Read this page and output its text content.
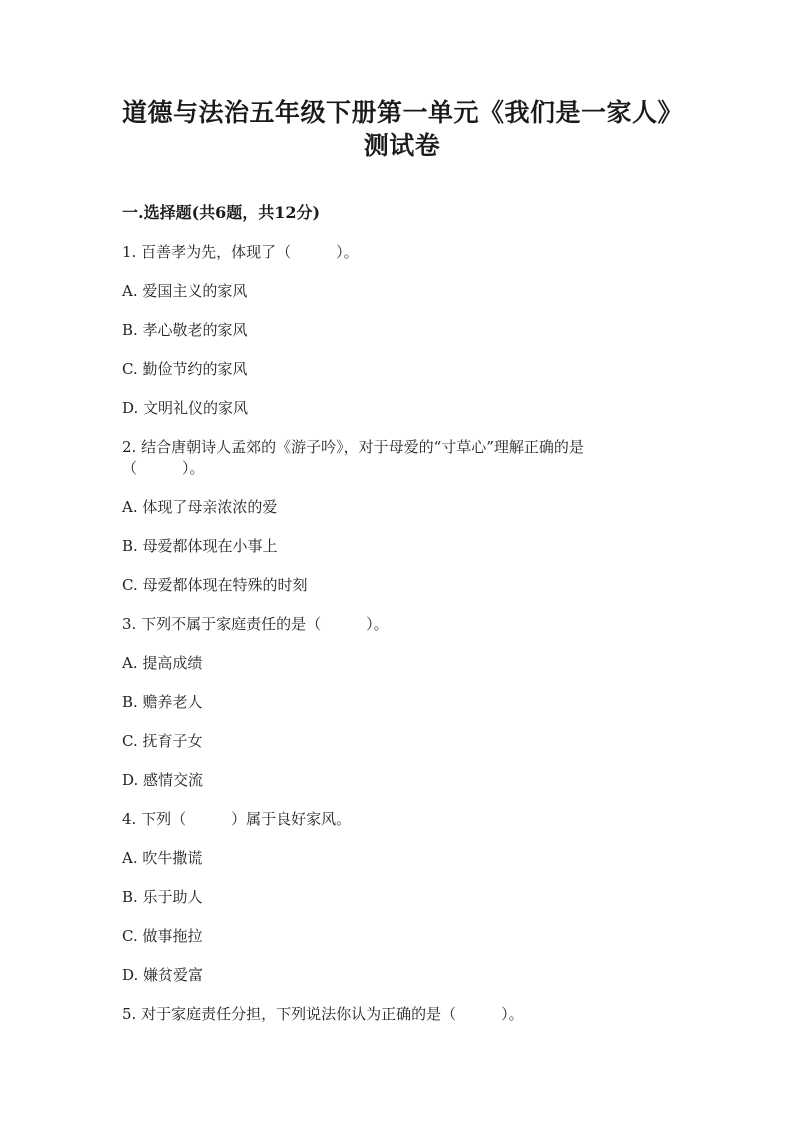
道德与法治五年级下册第一单元《我们是一家人》
测试卷
一.选择题(共6题，共12分)
1. 百善孝为先，体现了（　　　）。
A. 爱国主义的家风
B. 孝心敬老的家风
C. 勤俭节约的家风
D. 文明礼仪的家风
2. 结合唐朝诗人孟郊的《游子吟》，对于母爱的“寸草心”理解正确的是
（　　　）。
A. 体现了母亲浓浓的爱
B. 母爱都体现在小事上
C. 母爱都体现在特殊的时刻
3. 下列不属于家庭责任的是（　　　）。
A. 提高成绩
B. 赡养老人
C. 抚育子女
D. 感情交流
4. 下列（　　　）属于良好家风。
A. 吹牛撒谎
B. 乐于助人
C. 做事拖拉
D. 嫌贫爱富
5. 对于家庭责任分担，下列说法你认为正确的是（　　　）。
